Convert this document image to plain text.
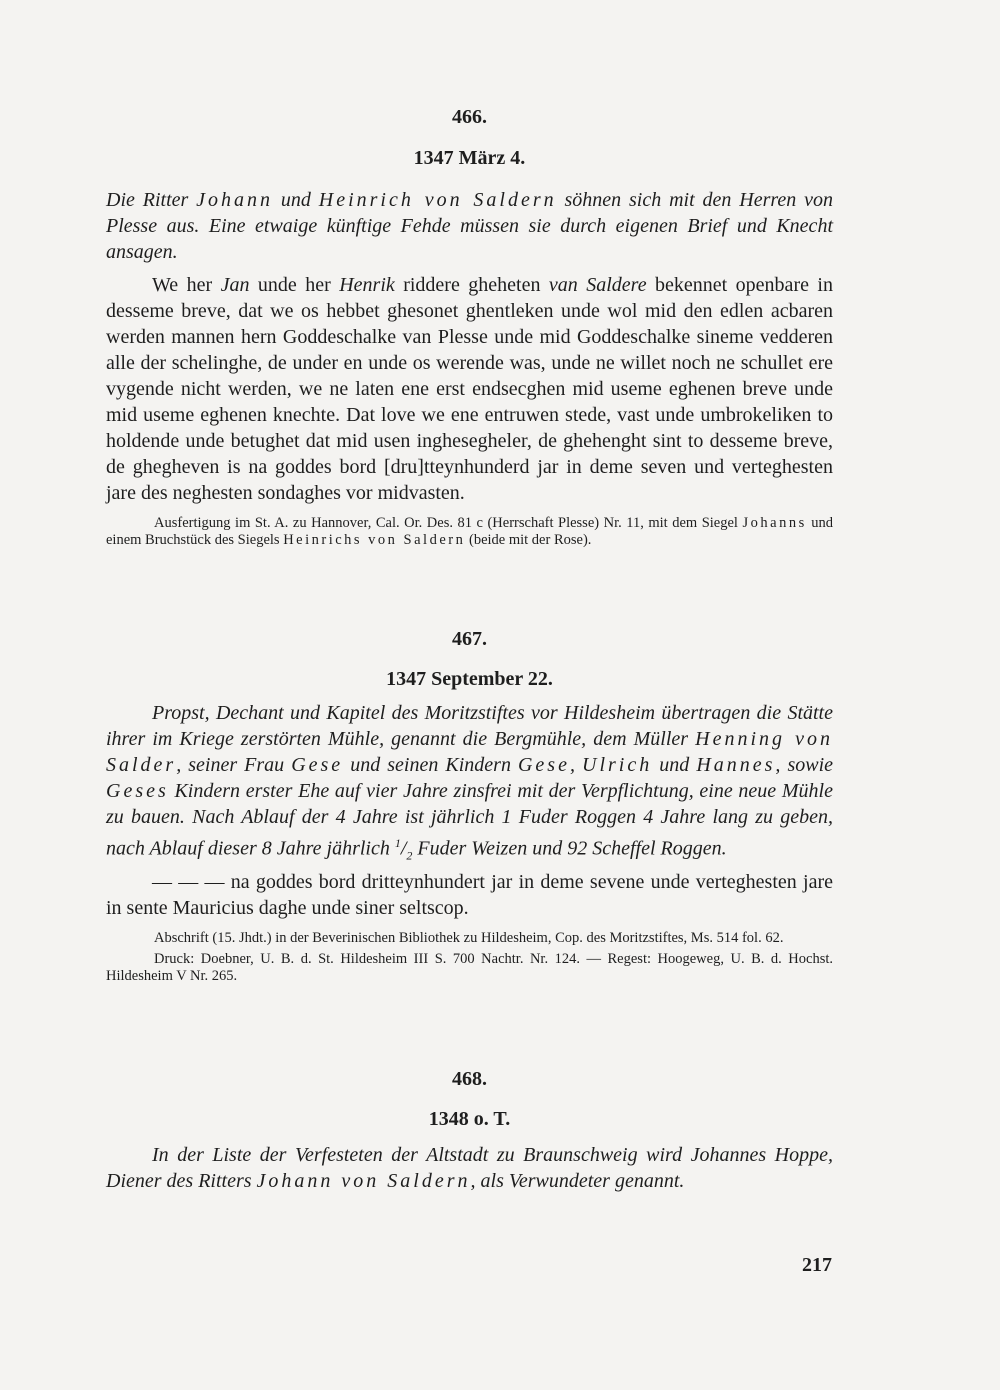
466.
1347 März 4.

Die Ritter Johann und Heinrich von Saldern söhnen sich mit den Herren von Plesse aus. Eine etwaige künftige Fehde müssen sie durch eigenen Brief und Knecht ansagen.

We her Jan unde her Henrik riddere gheheten van Saldere bekennet openbare in desseme breve, dat we os hebbet ghesonet ghentleken unde wol mid den edlen acbaren werden mannen hern Goddeschalke van Plesse unde mid Goddeschalke sineme vedderen alle der schelinghe, de under en unde os werende was, unde ne willet noch ne schullet ere vygende nicht werden, we ne laten ene erst endsecghen mid useme eghenen breve unde mid useme eghenen knechte. Dat love we ene entruwen stede, vast unde umbrokeliken to holdende unde betughet dat mid usen inghesegheler, de ghehenght sint to desseme breve, de ghegheven is na goddes bord [dru]tteynhunderd jar in deme seven und verteghesten jare des neghesten sondaghes vor midvasten.

Ausfertigung im St. A. zu Hannover, Cal. Or. Des. 81 c (Herrschaft Plesse) Nr. 11, mit dem Siegel Johanns und einem Bruchstück des Siegels Heinrichs von Saldern (beide mit der Rose).

467.
1347 September 22.

Propst, Dechant und Kapitel des Moritzstiftes vor Hildesheim übertragen die Stätte ihrer im Kriege zerstörten Mühle, genannt die Bergmühle, dem Müller Henning von Salder, seiner Frau Gese und seinen Kindern Gese, Ulrich und Hannes, sowie Geses Kindern erster Ehe auf vier Jahre zinsfrei mit der Verpflichtung, eine neue Mühle zu bauen. Nach Ablauf der 4 Jahre ist jährlich 1 Fuder Roggen 4 Jahre lang zu geben, nach Ablauf dieser 8 Jahre jährlich $^1/_2$ Fuder Weizen und 92 Scheffel Roggen.

— — — na goddes bord dritteynhundert jar in deme sevene unde verteghesten jare in sente Mauricius daghe unde siner seltscop.

Abschrift (15. Jhdt.) in der Beverinischen Bibliothek zu Hildesheim, Cop. des Moritzstiftes, Ms. 514 fol. 62.

Druck: Doebner, U. B. d. St. Hildesheim III S. 700 Nachtr. Nr. 124. — Regest: Hoogeweg, U. B. d. Hochst. Hildesheim V Nr. 265.

468.
1348 o. T.

In der Liste der Verfesteten der Altstadt zu Braunschweig wird Johannes Hoppe, Diener des Ritters Johann von Saldern, als Verwundeter genannt.

217
